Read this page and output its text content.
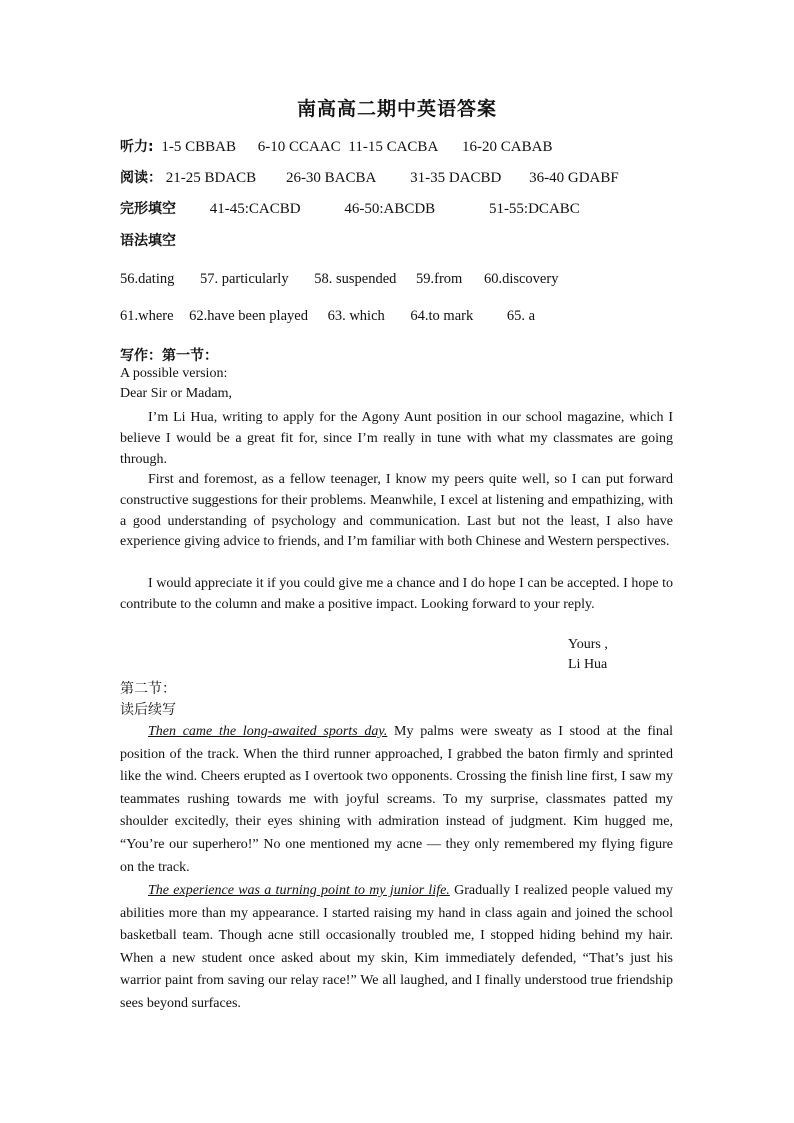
南高高二期中英语答案
听力: 1-5 CBBAB 6-10 CCAAC 11-15 CACBA 16-20 CABAB
阅读： 21-25 BDACB 26-30 BACBA 31-35 DACBD 36-40 GDABF
完形填空 41-45:CACBD	46-50:ABCDB	51-55:DCABC
语法填空
56.dating 57. particularly 58. suspended 59.from 60.discovery
61.where 62.have been played 63. which 64.to mark 65. a
写作：第一节：
A possible version:
Dear Sir or Madam,

I’m Li Hua, writing to apply for the Agony Aunt position in our school magazine, which I believe I would be a great fit for, since I’m really in tune with what my classmates are going through.

First and foremost, as a fellow teenager, I know my peers quite well, so I can put forward constructive suggestions for their problems. Meanwhile, I excel at listening and empathizing, with a good understanding of psychology and communication. Last but not the least, I also have experience giving advice to friends, and I’m familiar with both Chinese and Western perspectives.

I would appreciate it if you could give me a chance and I do hope I can be accepted. I hope to contribute to the column and make a positive impact. Looking forward to your reply.

Yours ,
Li Hua
第二节：
读后续写

Then came the long-awaited sports day. My palms were sweaty as I stood at the final position of the track. When the third runner approached, I grabbed the baton firmly and sprinted like the wind. Cheers erupted as I overtook two opponents. Crossing the finish line first, I saw my teammates rushing towards me with joyful screams. To my surprise, classmates patted my shoulder excitedly, their eyes shining with admiration instead of judgment. Kim hugged me, “You’re our superhero!” No one mentioned my acne — they only remembered my flying figure on the track.

The experience was a turning point to my junior life. Gradually I realized people valued my abilities more than my appearance. I started raising my hand in class again and joined the school basketball team. Though acne still occasionally troubled me, I stopped hiding behind my hair. When a new student once asked about my skin, Kim immediately defended, “That’s just his warrior paint from saving our relay race!” We all laughed, and I finally understood true friendship sees beyond surfaces.
